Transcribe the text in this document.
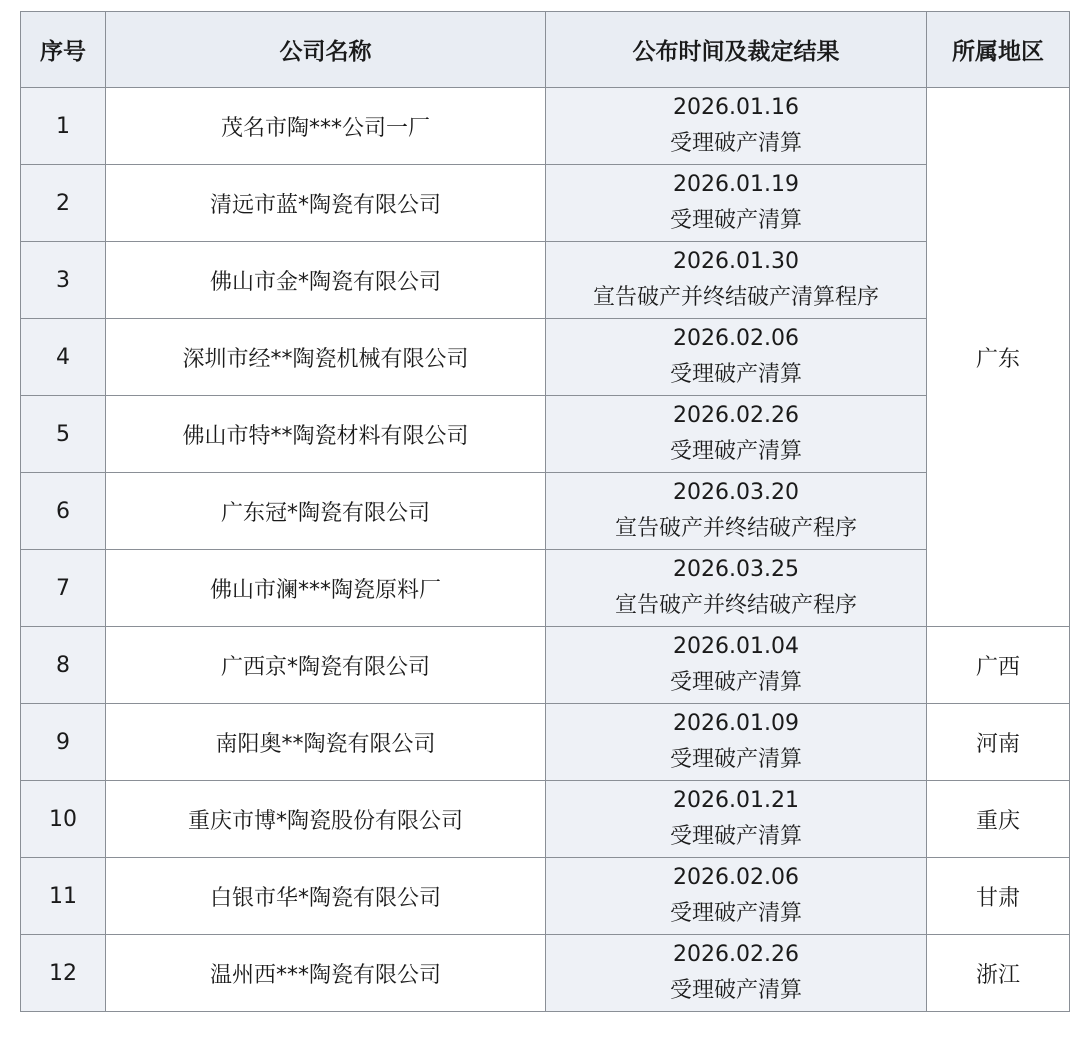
序号	公司名称	公布时间及裁定结果	所属地区
1	茂名市陶***公司一厂	2026.01.16
受理破产清算	广东
2	清远市蓝*陶瓷有限公司	2026.01.19
受理破产清算	

3	佛山市金*陶瓷有限公司	2026.01.30
宣告破产并终结破产清算程序	

4	深圳市经**陶瓷机械有限公司	2026.02.06
受理破产清算	

5	佛山市特**陶瓷材料有限公司	2026.02.26
受理破产清算	

6	广东冠*陶瓷有限公司	2026.03.20
宣告破产并终结破产程序	

7	佛山市澜***陶瓷原料厂	2026.03.25
宣告破产并终结破产程序	

8	广西京*陶瓷有限公司	2026.01.04
受理破产清算	广西
9	南阳奥**陶瓷有限公司	2026.01.09
受理破产清算	河南
10	重庆市博*陶瓷股份有限公司	2026.01.21
受理破产清算	重庆
11	白银市华*陶瓷有限公司	2026.02.06
受理破产清算	甘肃
12	温州西***陶瓷有限公司	2026.02.26
受理破产清算	浙江
